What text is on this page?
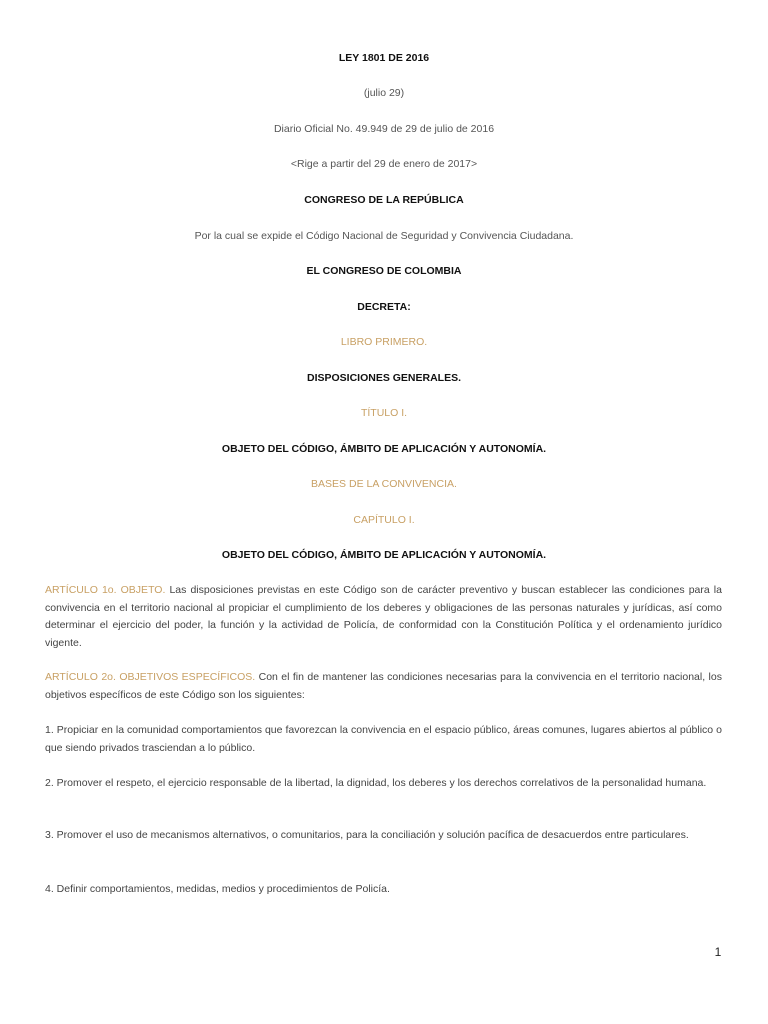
LEY 1801 DE 2016
(julio 29)
Diario Oficial No. 49.949 de 29 de julio de 2016
<Rige a partir del 29 de enero de 2017>
CONGRESO DE LA REPÚBLICA
Por la cual se expide el Código Nacional de Seguridad y Convivencia Ciudadana.
EL CONGRESO DE COLOMBIA
DECRETA:
LIBRO PRIMERO.
DISPOSICIONES GENERALES.
TÍTULO I.
OBJETO DEL CÓDIGO, ÁMBITO DE APLICACIÓN Y AUTONOMÍA.
BASES DE LA CONVIVENCIA.
CAPÍTULO I.
OBJETO DEL CÓDIGO, ÁMBITO DE APLICACIÓN Y AUTONOMÍA.
ARTÍCULO 1o. OBJETO. Las disposiciones previstas en este Código son de carácter preventivo y buscan establecer las condiciones para la convivencia en el territorio nacional al propiciar el cumplimiento de los deberes y obligaciones de las personas naturales y jurídicas, así como determinar el ejercicio del poder, la función y la actividad de Policía, de conformidad con la Constitución Política y el ordenamiento jurídico vigente.
ARTÍCULO 2o. OBJETIVOS ESPECÍFICOS. Con el fin de mantener las condiciones necesarias para la convivencia en el territorio nacional, los objetivos específicos de este Código son los siguientes:
1. Propiciar en la comunidad comportamientos que favorezcan la convivencia en el espacio público, áreas comunes, lugares abiertos al público o que siendo privados trasciendan a lo público.
2. Promover el respeto, el ejercicio responsable de la libertad, la dignidad, los deberes y los derechos correlativos de la personalidad humana.
3. Promover el uso de mecanismos alternativos, o comunitarios, para la conciliación y solución pacífica de desacuerdos entre particulares.
4. Definir comportamientos, medidas, medios y procedimientos de Policía.
1
